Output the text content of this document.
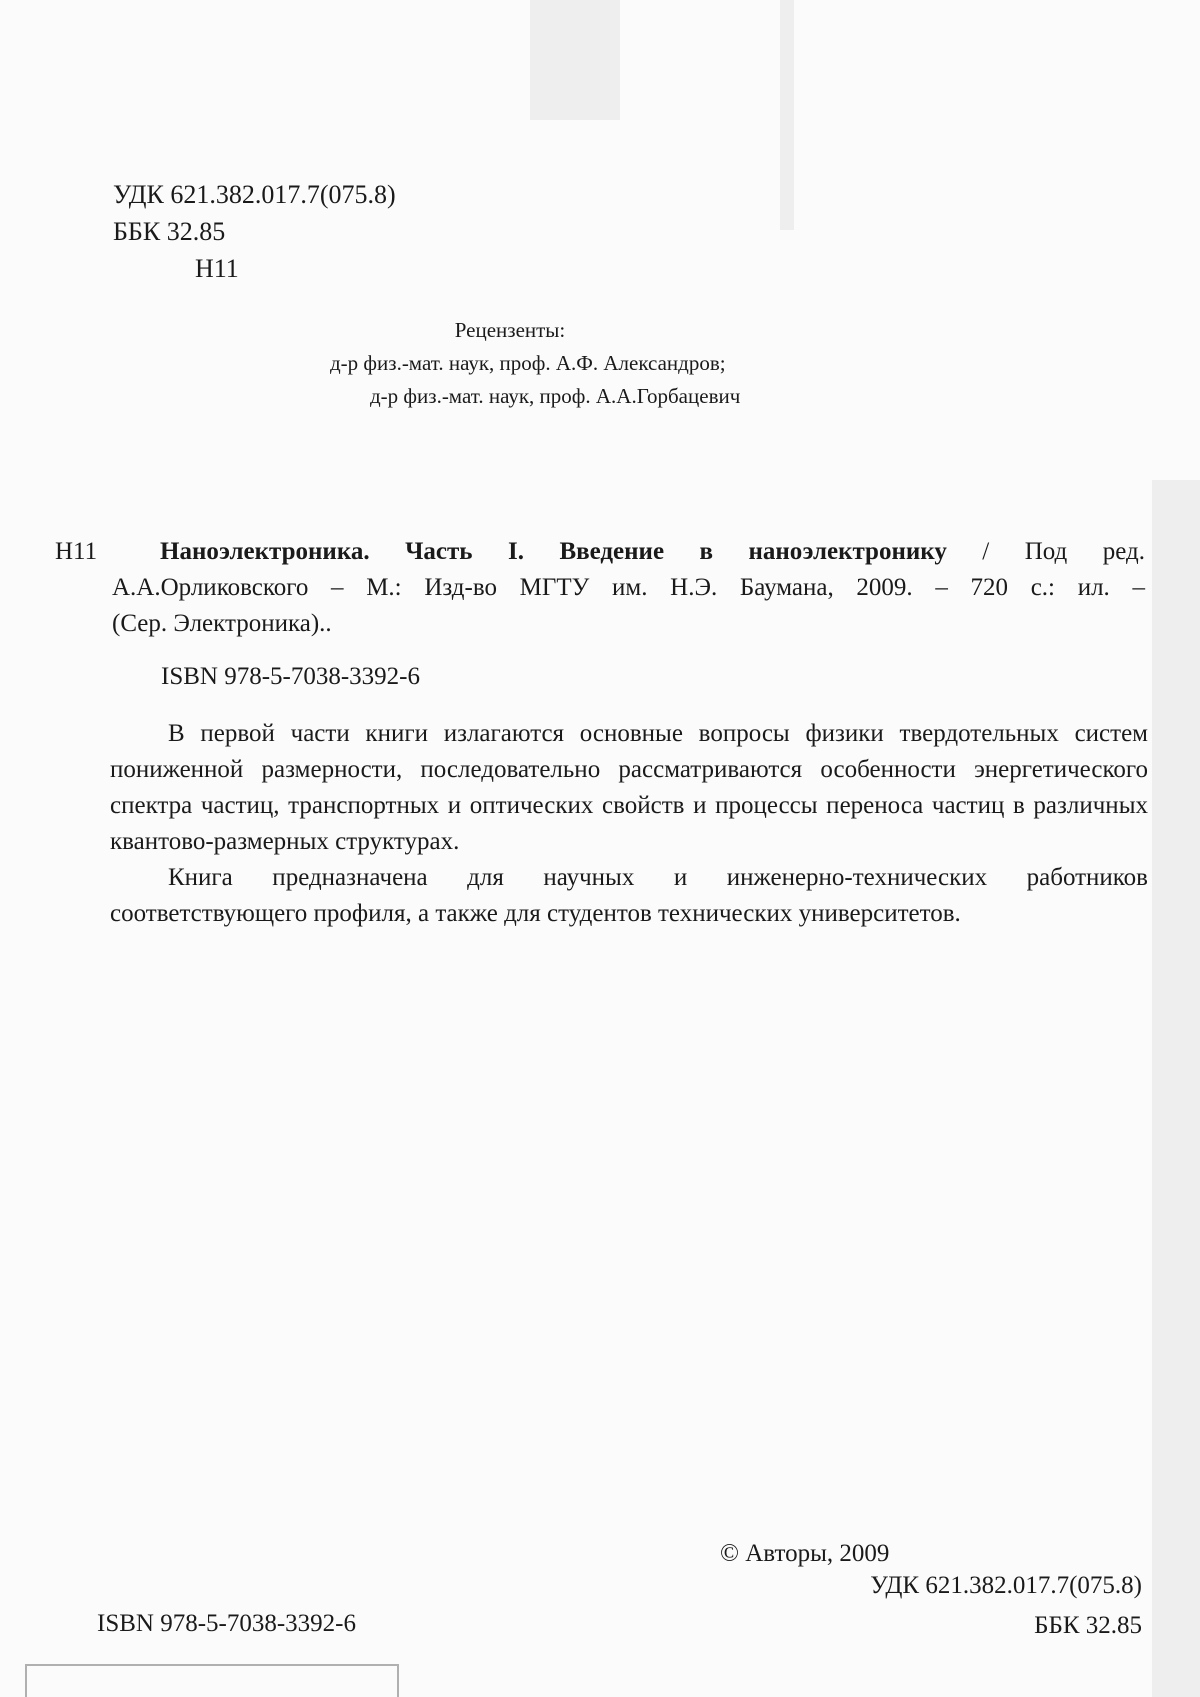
УДК 621.382.017.7(075.8)
ББК 32.85
Н11
Рецензенты:
д-р физ.-мат. наук, проф. А.Ф. Александров;
д-р физ.-мат. наук, проф. А.А.Горбацевич
Н11	Наноэлектроника. Часть I. Введение в наноэлектронику / Под ред.
А.А.Орликовского – М.: Изд-во МГТУ им. Н.Э. Баумана, 2009. – 720 с.: ил. –
(Сер. Электроника)..
ISBN 978-5-7038-3392-6

В первой части книги излагаются основные вопросы физики твердотельных систем пониженной размерности, последовательно рассматриваются особенности энергетического спектра частиц, транспортных и оптических свойств и процессы переноса частиц в различных квантово-размерных структурах.

Книга предназначена для научных и инженерно-технических работников соответствующего профиля, а также для студентов технических университетов.

УДК 621.382.017.7(075.8)
ББК 32.85
© Авторы, 2009
ISBN 978-5-7038-3392-6
